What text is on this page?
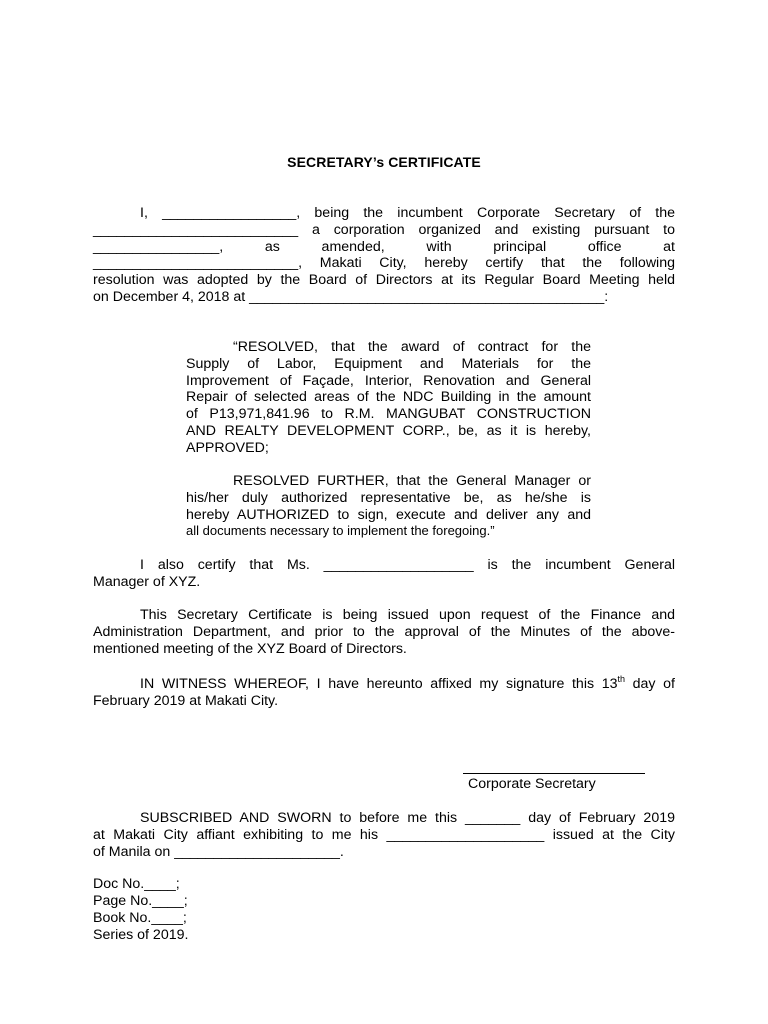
SECRETARY’s CERTIFICATE
I, _________________, being the incumbent Corporate Secretary of the
__________________________ a corporation organized and existing pursuant to
________________, as amended, with principal office at
__________________________, Makati City, hereby certify that the following
resolution was adopted by the Board of Directors at its Regular Board Meeting held
on December 4, 2018 at _____________________________________________:
“RESOLVED, that the award of contract for the
Supply of Labor, Equipment and Materials for the
Improvement of Façade, Interior, Renovation and General
Repair of selected areas of the NDC Building in the amount
of P13,971,841.96 to R.M. MANGUBAT CONSTRUCTION
AND REALTY DEVELOPMENT CORP., be, as it is hereby,
APPROVED;
RESOLVED FURTHER, that the General Manager or
his/her duly authorized representative be, as he/she is
hereby AUTHORIZED to sign, execute and deliver any and
all documents necessary to implement the foregoing.”
I also certify that Ms. ___________________ is the incumbent General
Manager of XYZ.
This Secretary Certificate is being issued upon request of the Finance and
Administration Department, and prior to the approval of the Minutes of the above-
mentioned meeting of the XYZ Board of Directors.
IN WITNESS WHEREOF, I have hereunto affixed my signature this 13th day of
February 2019 at Makati City.
Corporate Secretary
SUBSCRIBED AND SWORN to before me this _______ day of February 2019
at Makati City affiant exhibiting to me his ____________________ issued at the City
of Manila on _____________________.
Doc No.____;
Page No.____;
Book No.____;
Series of 2019.
